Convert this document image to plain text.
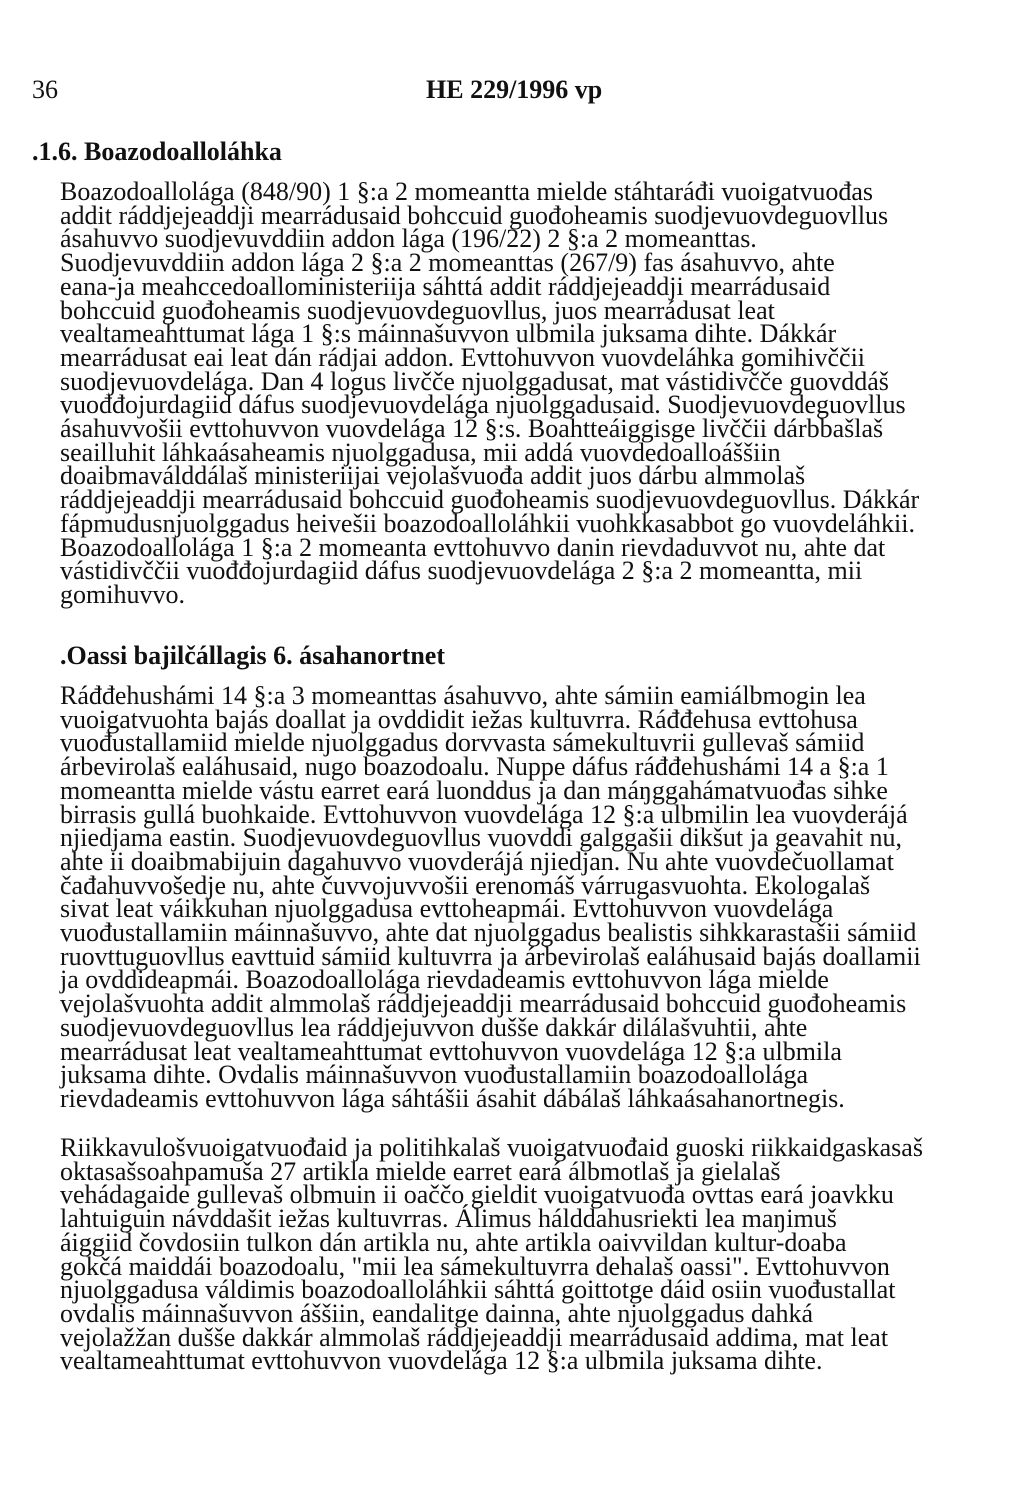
36	HE 229/1996 vp
.1.6. Boazodoalloláhka
Boazodoallolága (848/90) 1 §:a 2 momeantta mielde stáhtaráđi vuoigatvuođas
addit ráddjejeaddji mearrádusaid bohccuid guođoheamis suodjevuovdeguovllus
ásahuvvo suodjevuvddiin addon lága (196/22) 2 §:a 2 momeanttas.
Suodjevuvddiin addon lága 2 §:a 2 momeanttas (267/9) fas ásahuvvo, ahte
eana-ja meahccedoalloministeriija sáhttá addit ráddjejeaddji mearrádusaid
bohccuid guođoheamis suodjevuovdeguovllus, juos mearrádusat leat
vealtameahttumat lága 1 §:s máinnašuvvon ulbmila juksama dihte. Dákkár
mearrádusat eai leat dán rádjai addon. Evttohuvvon vuovdeláhka gomihivččii
suodjevuovdelága. Dan 4 logus livčče njuolggadusat, mat vástidivčče guovddáš
vuođđojurdagiid dáfus suodjevuovdelága njuolggadusaid. Suodjevuovdeguovllus
ásahuvvošii evttohuvvon vuovdelága 12 §:s. Boahtteáiggisge livččii dárbbašlaš
seailluhit láhkaásaheamis njuolggadusa, mii addá vuovdedoalloáššiin
doaibmaválddálaš ministeriijai vejolašvuođa addit juos dárbu almmolaš
ráddjejeaddji mearrádusaid bohccuid guođoheamis suodjevuovdeguovllus. Dákkár
fápmudusnjuolggadus heivešii boazodoalloláhkii vuohkkasabbot go vuovdeláhkii.
Boazodoallolága 1 §:a 2 momeanta evttohuvvo danin rievdaduvvot nu, ahte dat
vástidivččii vuođđojurdagiid dáfus suodjevuovdelága 2 §:a 2 momeantta, mii
gomihuvvo.
.Oassi bajilčállagis 6. ásahanortnet
Ráđđehushámi 14 §:a 3 momeanttas ásahuvvo, ahte sámiin eamiálbmogin lea
vuoigatvuohta bajás doallat ja ovddidit iežas kultuvrra. Ráđđehusa evttohusa
vuođustallamiid mielde njuolggadus dorvvasta sámekultuvrii gullevaš sámiid
árbevirolaš ealáhusaid, nugo boazodoalu. Nuppe dáfus ráđđehushámi 14 a §:a 1
momeantta mielde vástu earret eará luonddus ja dan máŋggahámatvuođas sihke
birrasis gullá buohkaide. Evttohuvvon vuovdelága 12 §:a ulbmilin lea vuovderájá
njiedjama eastin. Suodjevuovdeguovllus vuovddi galggašii dikšut ja geavahit nu,
ahte ii doaibmabijuin dagahuvvo vuovderájá njiedjan. Nu ahte vuovdečuollamat
čađahuvvošedje nu, ahte čuvvojuvvošii erenomáš várrugasvuohta. Ekologalaš
sivat leat váikkuhan njuolggadusa evttoheapmái. Evttohuvvon vuovdelága
vuođustallamiin máinnašuvvo, ahte dat njuolggadus bealistis sihkkarastašii sámiid
ruovttuguovllus eavttuid sámiid kultuvrra ja árbevirolaš ealáhusaid bajás doallamii
ja ovddideapmái. Boazodoallolága rievdadeamis evttohuvvon lága mielde
vejolašvuohta addit almmolaš ráddjejeaddji mearrádusaid bohccuid guođoheamis
suodjevuovdeguovllus lea ráddjejuvvon dušše dakkár dilálašvuhtii, ahte
mearrádusat leat vealtameahttumat evttohuvvon vuovdelága 12 §:a ulbmila
juksama dihte. Ovdalis máinnašuvvon vuođustallamiin boazodoallolága
rievdadeamis evttohuvvon lága sáhtášii ásahit dábálaš láhkaásahanortnegis.
Riikkavulošvuoigatvuođaid ja politihkalaš vuoigatvuođaid guoski riikkaidgaskasaš
oktasašsoahpamuša 27 artikla mielde earret eará álbmotlaš ja gielalaš
vehádagaide gullevaš olbmuin ii oaččo gieldit vuoigatvuođa ovttas eará joavkku
lahtuiguin návddašit iežas kultuvrras. Álimus hálddahusriekti lea maŋimuš
áiggiid čovdosiin tulkon dán artikla nu, ahte artikla oaivvildan kultur-doaba
gokčá maiddái boazodoalu, "mii lea sámekultuvrra dehalaš oassi". Evttohuvvon
njuolggadusa váldimis boazodoalloláhkii sáhttá goittotge dáid osiin vuođustallat
ovdalis máinnašuvvon áššiin, eandalitge dainna, ahte njuolggadus dahká
vejolažžan dušše dakkár almmolaš ráddjejeaddji mearrádusaid addima, mat leat
vealtameahttumat evttohuvvon vuovdelága 12 §:a ulbmila juksama dihte.
